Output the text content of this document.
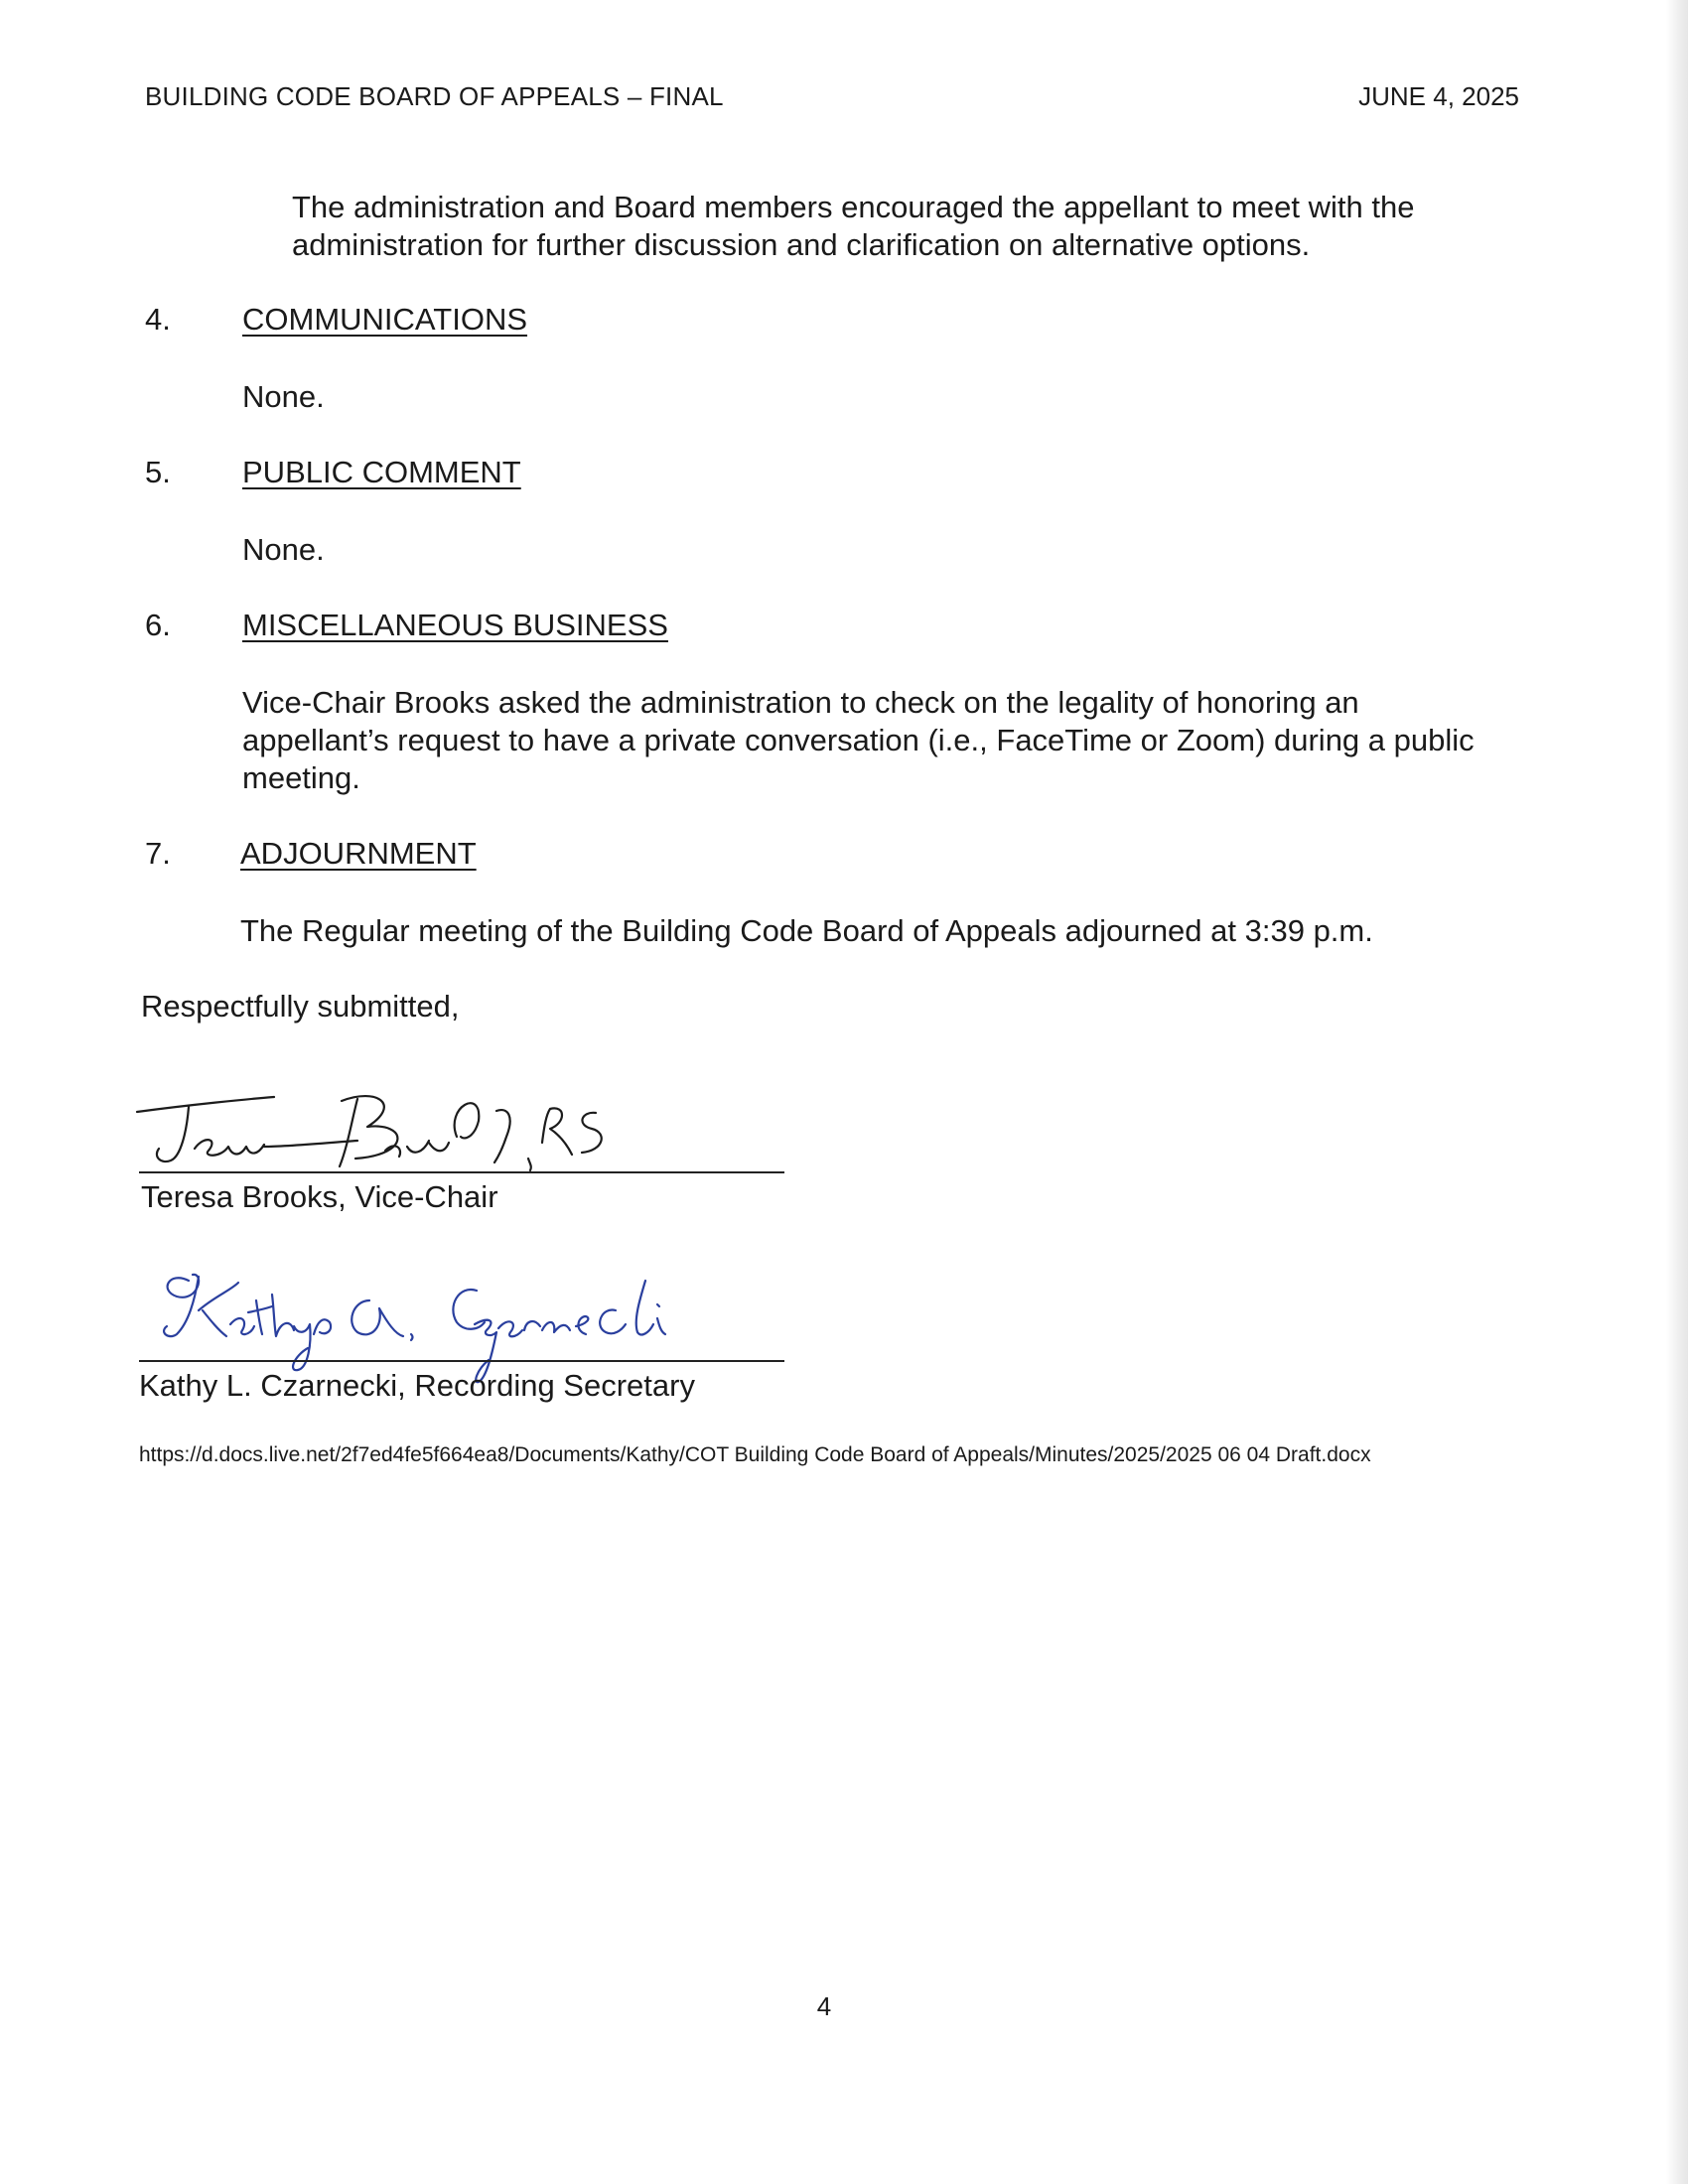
BUILDING CODE BOARD OF APPEALS – FINAL	JUNE 4, 2025
The administration and Board members encouraged the appellant to meet with the administration for further discussion and clarification on alternative options.
4. COMMUNICATIONS
None.
5. PUBLIC COMMENT
None.
6. MISCELLANEOUS BUSINESS
Vice-Chair Brooks asked the administration to check on the legality of honoring an appellant’s request to have a private conversation (i.e., FaceTime or Zoom) during a public meeting.
7. ADJOURNMENT
The Regular meeting of the Building Code Board of Appeals adjourned at 3:39 p.m.
Respectfully submitted,
Teresa Brooks, Vice-Chair
Kathy L. Czarnecki, Recording Secretary
https://d.docs.live.net/2f7ed4fe5f664ea8/Documents/Kathy/COT Building Code Board of Appeals/Minutes/2025/2025 06 04 Draft.docx
4
